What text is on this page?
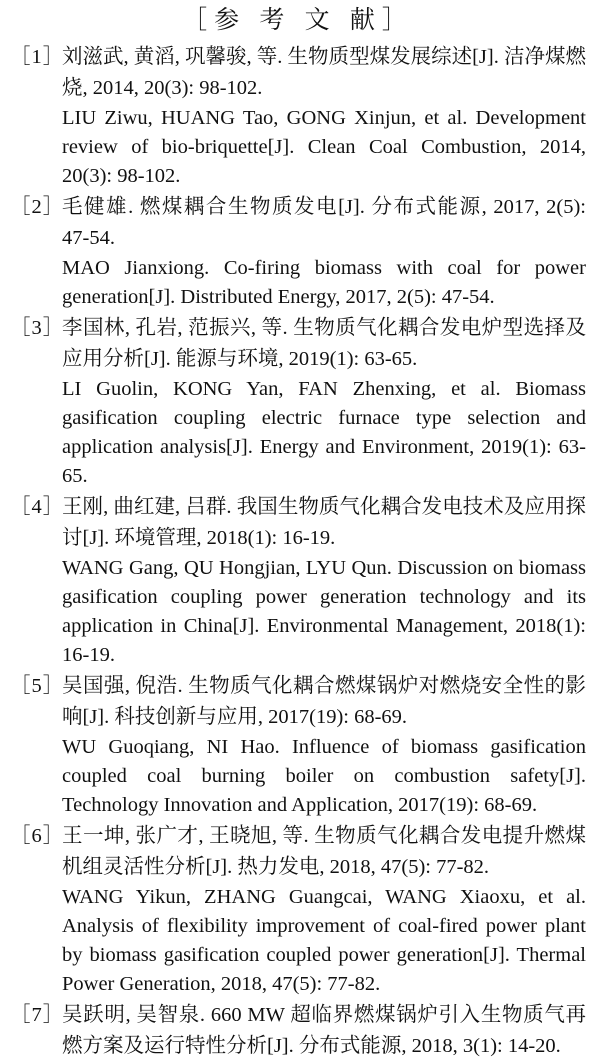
［参 考 文 献］
［1］
刘滋武, 黄滔, 巩馨骏, 等. 生物质型煤发展综述[J]. 洁净煤燃烧, 2014, 20(3): 98-102.
LIU Ziwu, HUANG Tao, GONG Xinjun, et al. Development review of bio-briquette[J]. Clean Coal Combustion, 2014, 20(3): 98-102.
［2］
毛健雄. 燃煤耦合生物质发电[J]. 分布式能源, 2017, 2(5): 47-54.
MAO Jianxiong. Co-firing biomass with coal for power generation[J]. Distributed Energy, 2017, 2(5): 47-54.
［3］
李国林, 孔岩, 范振兴, 等. 生物质气化耦合发电炉型选择及应用分析[J]. 能源与环境, 2019(1): 63-65.
LI Guolin, KONG Yan, FAN Zhenxing, et al. Biomass gasification coupling electric furnace type selection and application analysis[J]. Energy and Environment, 2019(1): 63-65.
［4］
王刚, 曲红建, 吕群. 我国生物质气化耦合发电技术及应用探讨[J]. 环境管理, 2018(1): 16-19.
WANG Gang, QU Hongjian, LYU Qun. Discussion on biomass gasification coupling power generation technology and its application in China[J]. Environmental Management, 2018(1): 16-19.
［5］
吴国强, 倪浩. 生物质气化耦合燃煤锅炉对燃烧安全性的影响[J]. 科技创新与应用, 2017(19): 68-69.
WU Guoqiang, NI Hao. Influence of biomass gasification coupled coal burning boiler on combustion safety[J]. Technology Innovation and Application, 2017(19): 68-69.
［6］
王一坤, 张广才, 王晓旭, 等. 生物质气化耦合发电提升燃煤机组灵活性分析[J]. 热力发电, 2018, 47(5): 77-82.
WANG Yikun, ZHANG Guangcai, WANG Xiaoxu, et al. Analysis of flexibility improvement of coal-fired power plant by biomass gasification coupled power generation[J]. Thermal Power Generation, 2018, 47(5): 77-82.
［7］
吴跃明, 吴智泉. 660 MW 超临界燃煤锅炉引入生物质气再燃方案及运行特性分析[J]. 分布式能源, 2018, 3(1): 14-20.
